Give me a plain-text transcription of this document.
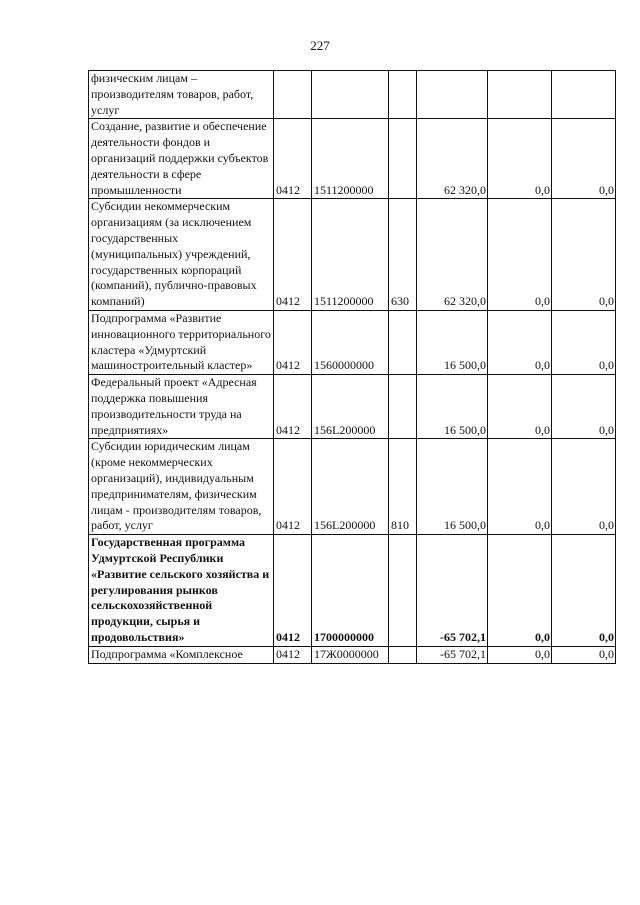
227
физическим лицам – производителям товаров, работ, услуг						
Создание, развитие и обеспечение деятельности фондов и организаций поддержки субъектов деятельности в сфере промышленности	0412	1511200000		62 320,0	0,0	0,0
Субсидии некоммерческим организациям (за исключением государственных (муниципальных) учреждений, государственных корпораций (компаний), публично-правовых компаний)	0412	1511200000	630	62 320,0	0,0	0,0
Подпрограмма «Развитие инновационного территориального кластера «Удмуртский машиностроительный кластер»	0412	1560000000		16 500,0	0,0	0,0
Федеральный проект «Адресная поддержка повышения производительности труда на предприятиях»	0412	156L200000		16 500,0	0,0	0,0
Субсидии юридическим лицам (кроме некоммерческих организаций), индивидуальным предпринимателям, физическим лицам - производителям товаров, работ, услуг	0412	156L200000	810	16 500,0	0,0	0,0
Государственная программа Удмуртской Республики «Развитие сельского хозяйства и регулирования рынков сельскохозяйственной продукции, сырья и продовольствия»	0412	1700000000		-65 702,1	0,0	0,0
Подпрограмма «Комплексное	0412	17Ж0000000		-65 702,1	0,0	0,0
